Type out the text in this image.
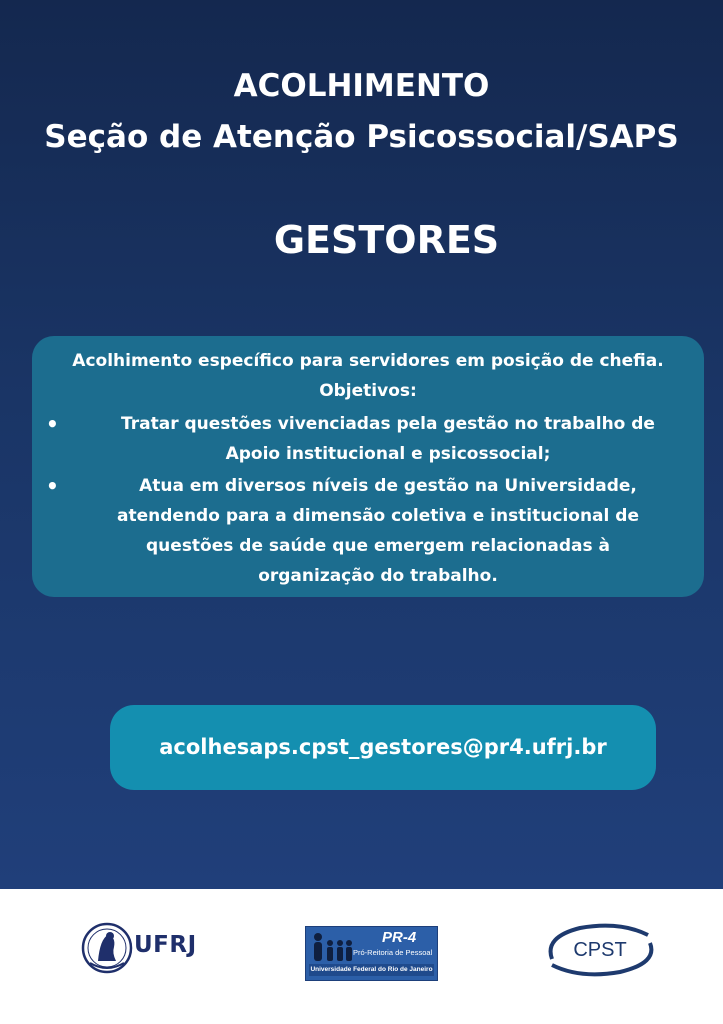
ACOLHIMENTO
Seção de Atenção Psicossocial/SAPS
GESTORES
Acolhimento específico para servidores em posição de chefia.
Objetivos:
•	Tratar questões vivenciadas pela gestão no trabalho de
Apoio institucional e psicossocial;
•	Atua em diversos níveis de gestão na Universidade,
atendendo para a dimensão coletiva e institucional de
questões de saúde que emergem relacionadas à
organização do trabalho.
acolhesaps.cpst_gestores@pr4.ufrj.br
UFRJ	PR-4
Pró-Reitoria de Pessoal
Universidade Federal do Rio de Janeiro
CPST
